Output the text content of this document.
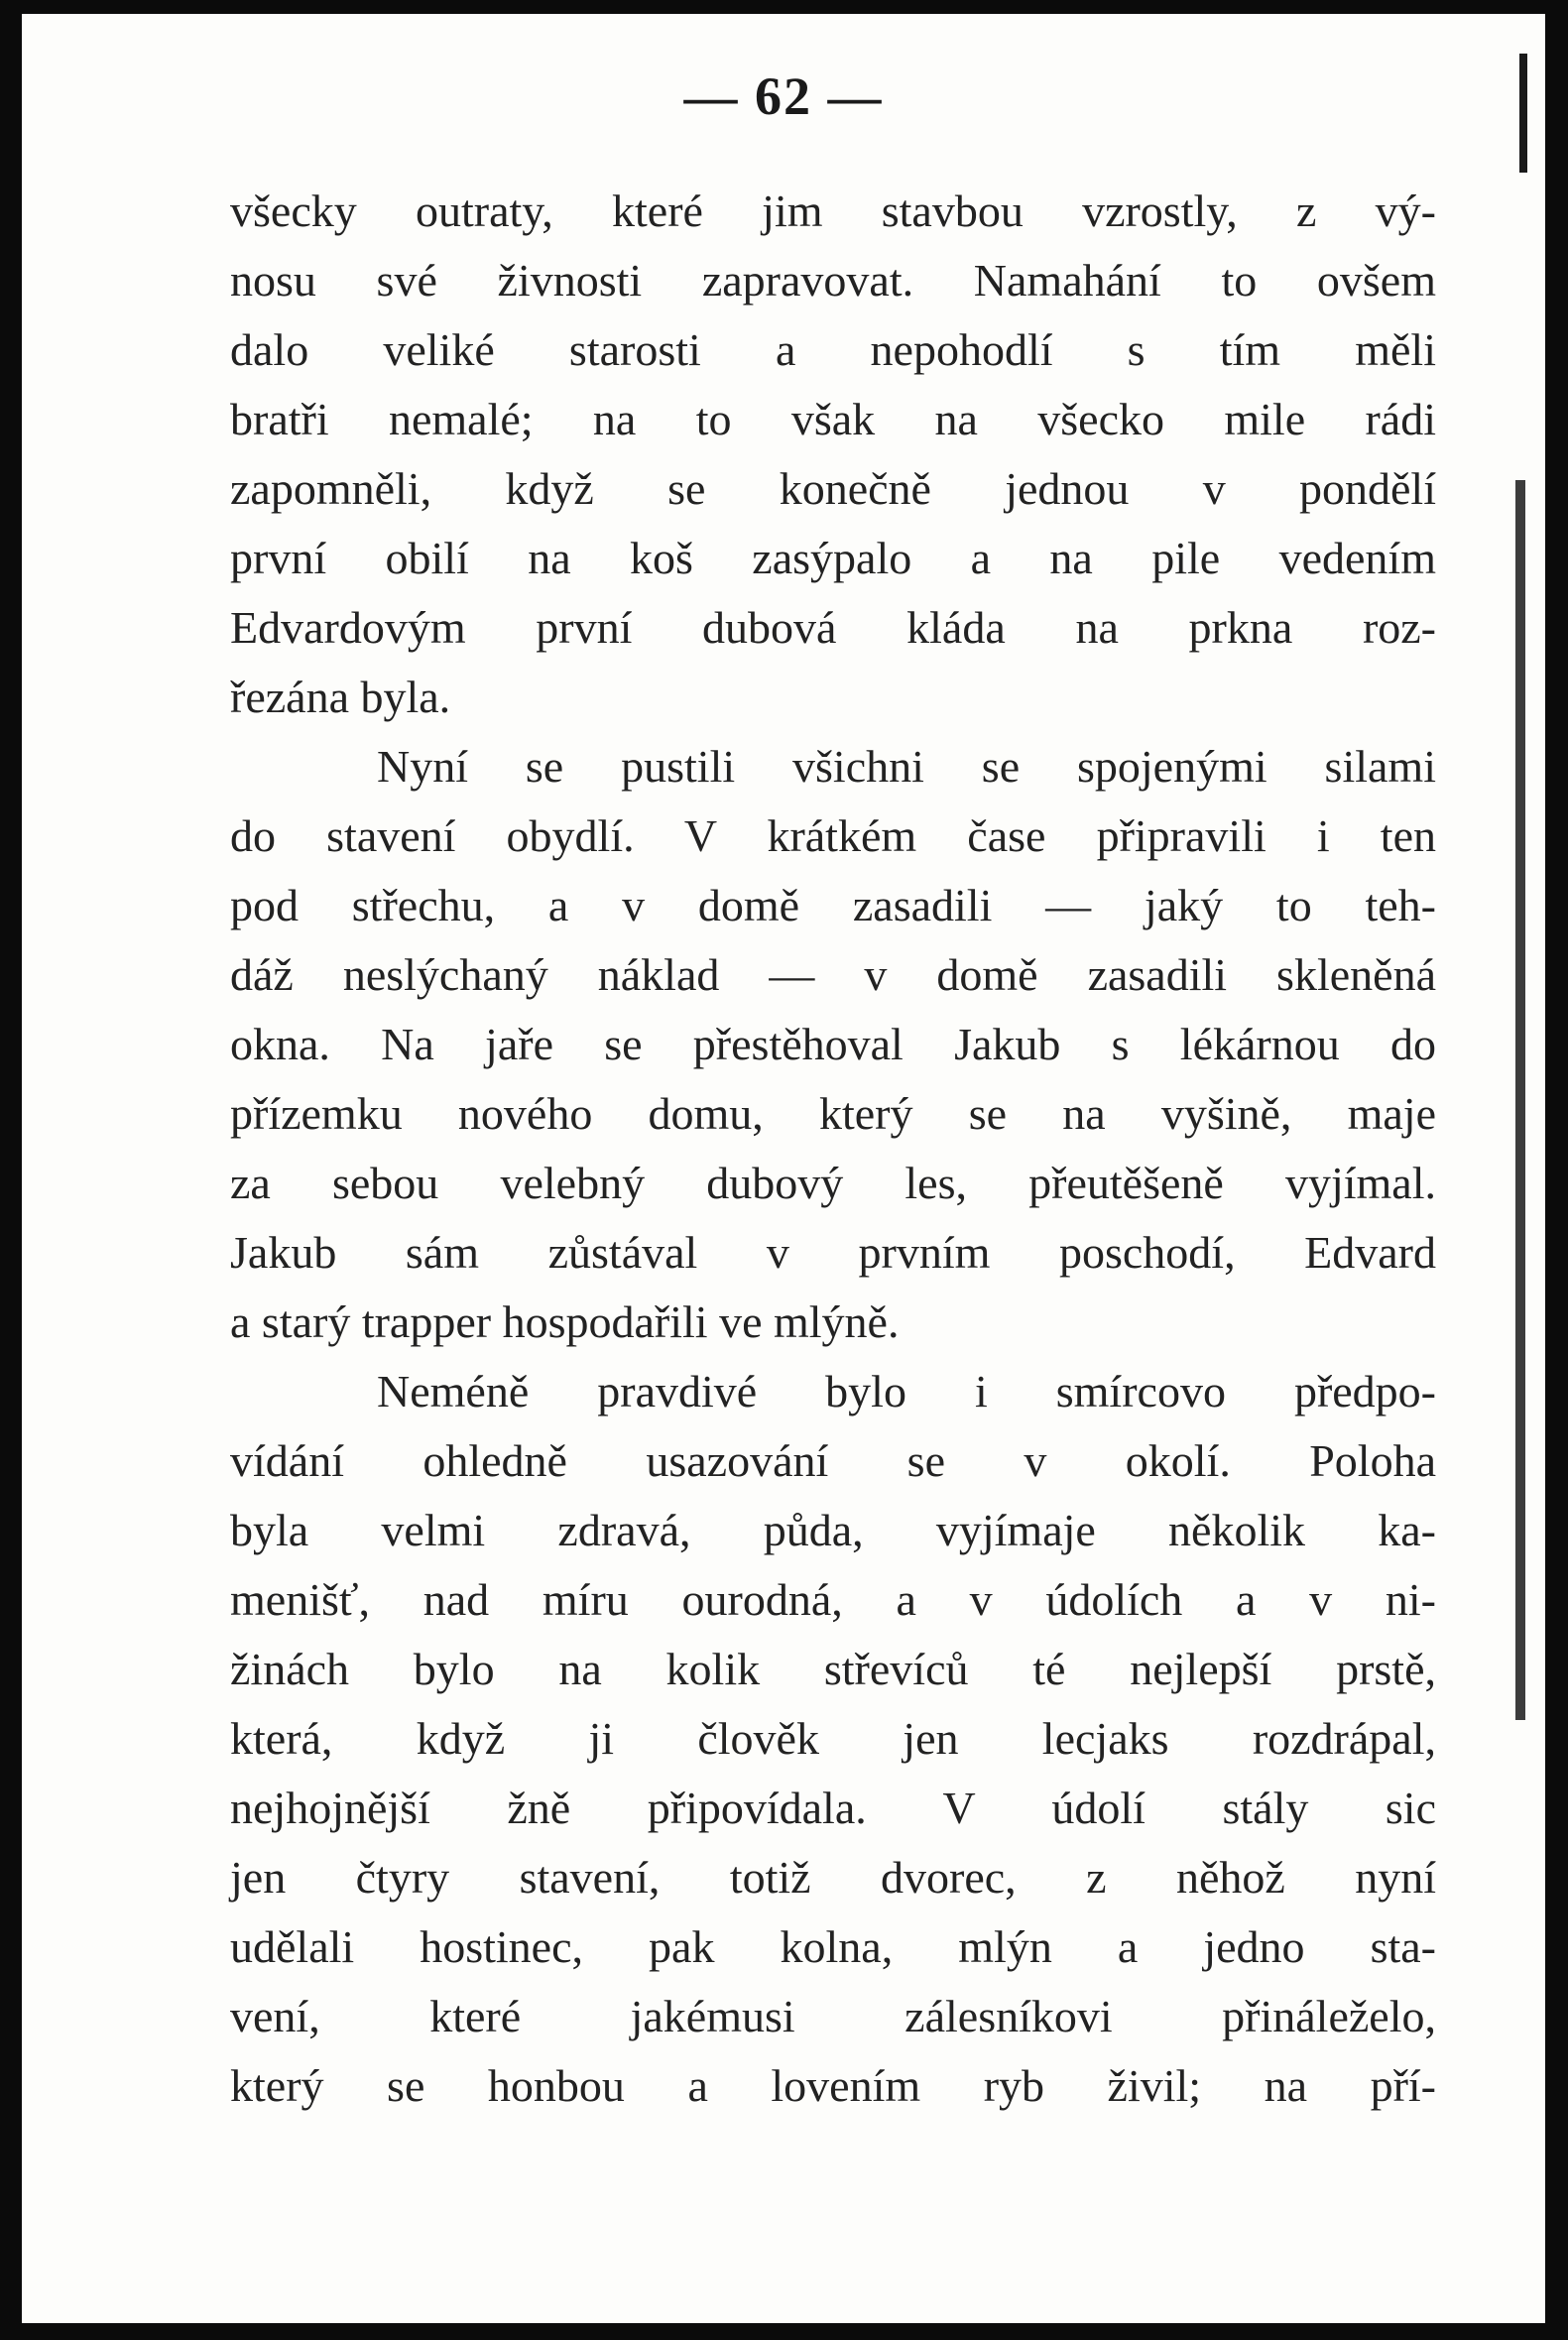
— 62 —
všecky outraty, které jim stavbou vzrostly, z vý-
nosu své živnosti zapravovat. Namahání to ovšem
dalo veliké starosti a nepohodlí s tím měli
bratři nemalé; na to však na všecko mile rádi
zapomněli, když se konečně jednou v pondělí
první obilí na koš zasýpalo a na pile vedením
Edvardovým první dubová kláda na prkna roz-
řezána byla.
Nyní se pustili všichni se spojenými silami
do stavení obydlí. V krátkém čase připravili i ten
pod střechu, a v domě zasadili — jaký to teh-
dáž neslýchaný náklad — v domě zasadili skleněná
okna. Na jaře se přestěhoval Jakub s lékárnou do
přízemku nového domu, který se na vyšině, maje
za sebou velebný dubový les, přeutěšeně vyjímal.
Jakub sám zůstával v prvním poschodí, Edvard
a starý trapper hospodařili ve mlýně.
Neméně pravdivé bylo i smírcovo předpo-
vídání ohledně usazování se v okolí. Poloha
byla velmi zdravá, půda, vyjímaje několik ka-
menišť, nad míru ourodná, a v údolích a v ni-
žinách bylo na kolik střevíců té nejlepší prstě,
která, když ji člověk jen lecjaks rozdrápal,
nejhojnější žně připovídala. V údolí stály sic
jen čtyry stavení, totiž dvorec, z něhož nyní
udělali hostinec, pak kolna, mlýn a jedno sta-
vení, které jakémusi zálesníkovi přináleželo,
který se honbou a lovením ryb živil; na pří-
